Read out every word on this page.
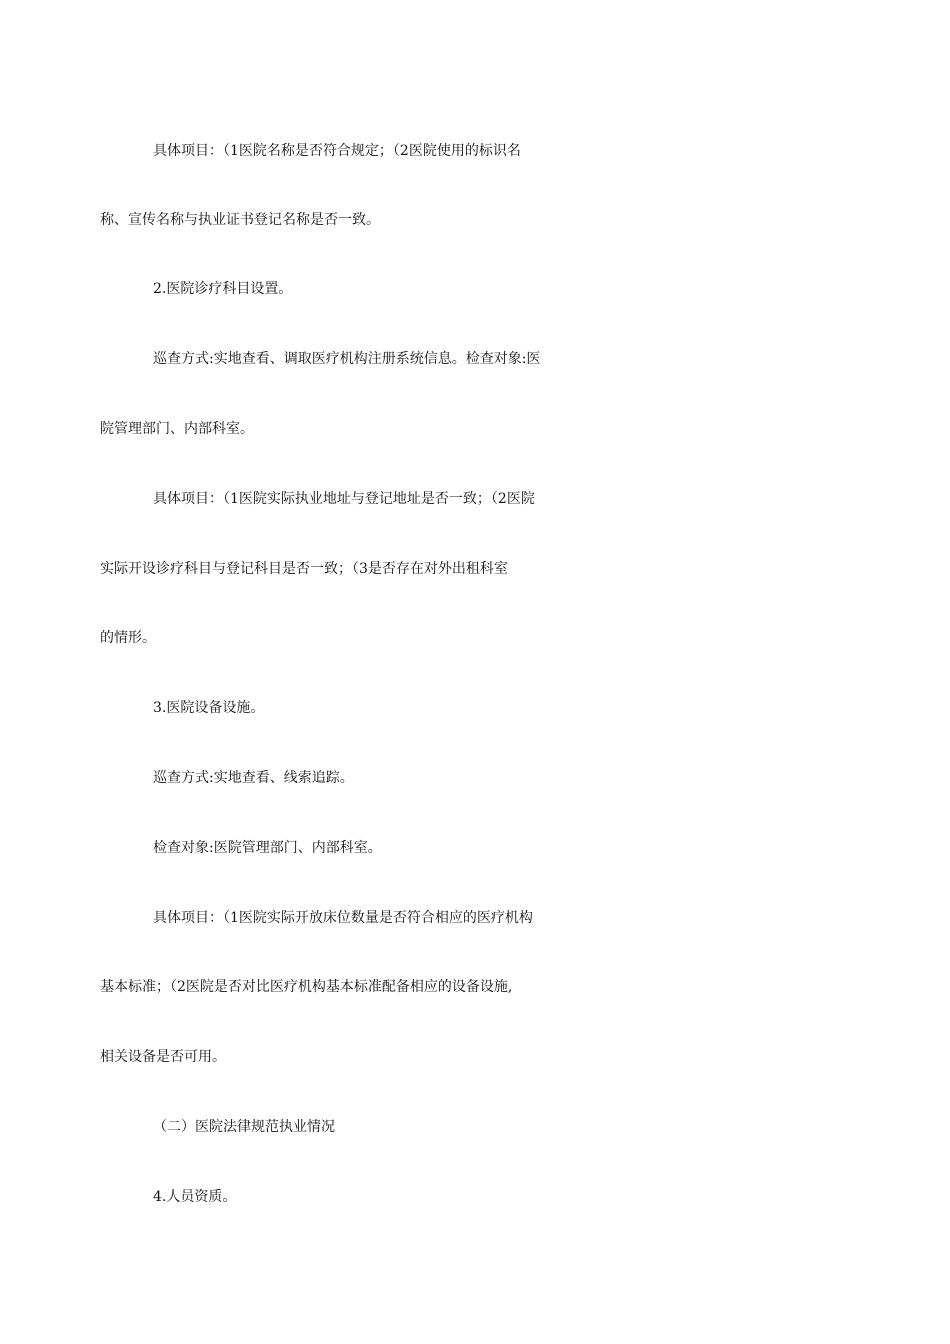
具体项目：（1医院名称是否符合规定；（2医院使用的标识名
称、宣传名称与执业证书登记名称是否一致。
2.医院诊疗科目设置。
巡查方式:实地查看、调取医疗机构注册系统信息。检查对象:医
院管理部门、内部科室。
具体项目：（1医院实际执业地址与登记地址是否一致；（2医院
实际开设诊疗科目与登记科目是否一致；（3是否存在对外出租科室
的情形。
3.医院设备设施。
巡查方式:实地查看、线索追踪。
检查对象:医院管理部门、内部科室。
具体项目：（1医院实际开放床位数量是否符合相应的医疗机构
基本标准；（2医院是否对比医疗机构基本标准配备相应的设备设施,
相关设备是否可用。
（二）医院法律规范执业情况
4.人员资质。
